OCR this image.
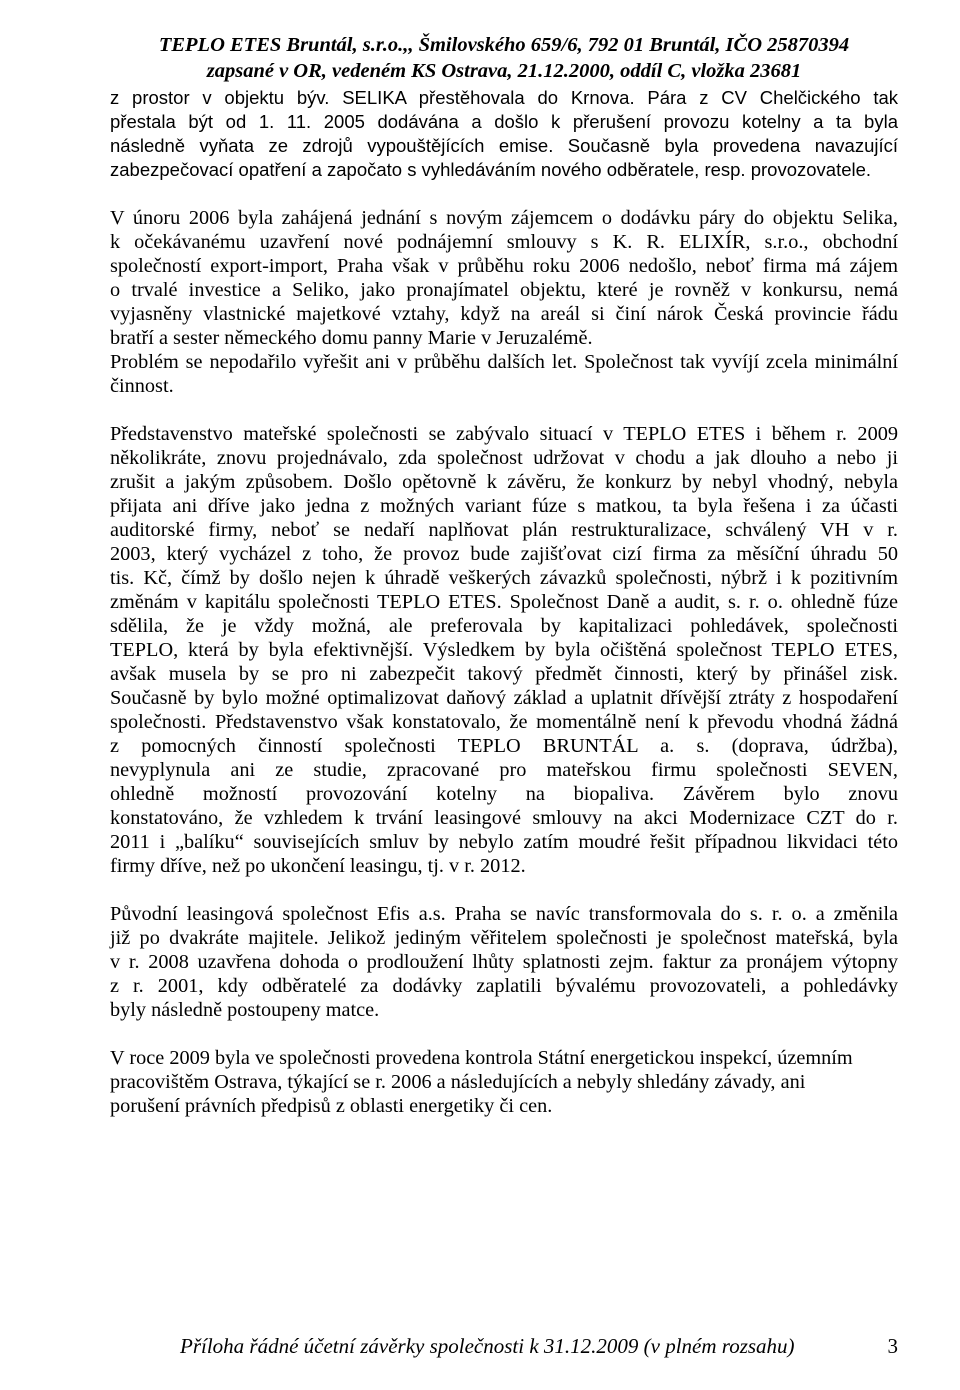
TEPLO ETES Bruntál, s.r.o.,, Šmilovského 659/6, 792 01 Bruntál, IČO 25870394
zapsané v OR, vedeném KS Ostrava, 21.12.2000, oddíl C, vložka 23681
z prostor v objektu býv. SELIKA přestěhovala do Krnova. Pára z CV Chelčického tak
přestala být od 1. 11. 2005 dodávána a došlo k přerušení provozu kotelny a ta byla
následně vyňata ze zdrojů vypouštějících emise. Současně byla provedena navazující
zabezpečovací opatření a započato s vyhledáváním nového odběratele, resp. provozovatele.
V únoru 2006 byla zahájená jednání s novým zájemcem o dodávku páry do objektu Selika,
k očekávanému uzavření nové podnájemní smlouvy s K. R. ELIXÍR, s.r.o., obchodní
společností export-import, Praha však v průběhu roku 2006 nedošlo, neboť firma má zájem
o trvalé investice a Seliko, jako pronajímatel objektu, které je rovněž v konkursu, nemá
vyjasněny vlastnické majetkové vztahy, když na areál si činí nárok Česká provincie řádu
bratří a sester německého domu panny Marie v Jeruzalémě.
Problém se nepodařilo vyřešit ani v průběhu dalších let. Společnost tak vyvíjí zcela minimální
činnost.
Představenstvo mateřské společnosti se zabývalo situací v TEPLO ETES i během r. 2009
několikráte, znovu projednávalo, zda společnost udržovat v chodu a jak dlouho a nebo ji
zrušit a jakým způsobem. Došlo opětovně k závěru, že konkurz by nebyl vhodný, nebyla
přijata ani dříve jako jedna z možných variant fúze s matkou, ta byla řešena i za účasti
auditorské firmy, neboť se nedaří naplňovat plán restrukturalizace, schválený VH v r.
2003, který vycházel z toho, že provoz bude zajišťovat cizí firma za měsíční úhradu 50
tis. Kč, čímž by došlo nejen k úhradě veškerých závazků společnosti, nýbrž i k pozitivním
změnám v kapitálu společnosti TEPLO ETES. Společnost Daně a audit, s. r. o. ohledně fúze
sdělila, že je vždy možná, ale preferovala by kapitalizaci pohledávek, společnosti
TEPLO, která by byla efektivnější. Výsledkem by byla očištěná společnost TEPLO ETES,
avšak musela by se pro ni zabezpečit takový předmět činnosti, který by přinášel zisk.
Současně by bylo možné optimalizovat daňový základ a uplatnit dřívější ztráty z hospodaření
společnosti. Představenstvo však konstatovalo, že momentálně není k převodu vhodná žádná
z pomocných činností společnosti TEPLO BRUNTÁL a. s. (doprava, údržba),
nevyplynula ani ze studie, zpracované pro mateřskou firmu společnosti SEVEN,
ohledně možností provozování kotelny na biopaliva. Závěrem bylo znovu
konstatováno, že vzhledem k trvání leasingové smlouvy na akci Modernizace CZT do r.
2011 i „balíku“ souvisejících smluv by nebylo zatím moudré řešit případnou likvidaci této
firmy dříve, než po ukončení leasingu, tj. v r. 2012.
Původní leasingová společnost Efis a.s. Praha se navíc transformovala do s. r. o. a změnila
již po dvakráte majitele. Jelikož jediným věřitelem společnosti je společnost mateřská, byla
v r. 2008 uzavřena dohoda o prodloužení lhůty splatnosti zejm. faktur za pronájem výtopny
z r. 2001, kdy odběratelé za dodávky zaplatili bývalému provozovateli, a pohledávky
byly následně postoupeny matce.
V roce 2009 byla ve společnosti provedena kontrola Státní energetickou inspekcí, územním
pracovištěm Ostrava, týkající se r. 2006 a následujících a nebyly shledány závady, ani
porušení právních předpisů z oblasti energetiky či cen.
Příloha řádné účetní závěrky společnosti k 31.12.2009 (v plném rozsahu)	3
